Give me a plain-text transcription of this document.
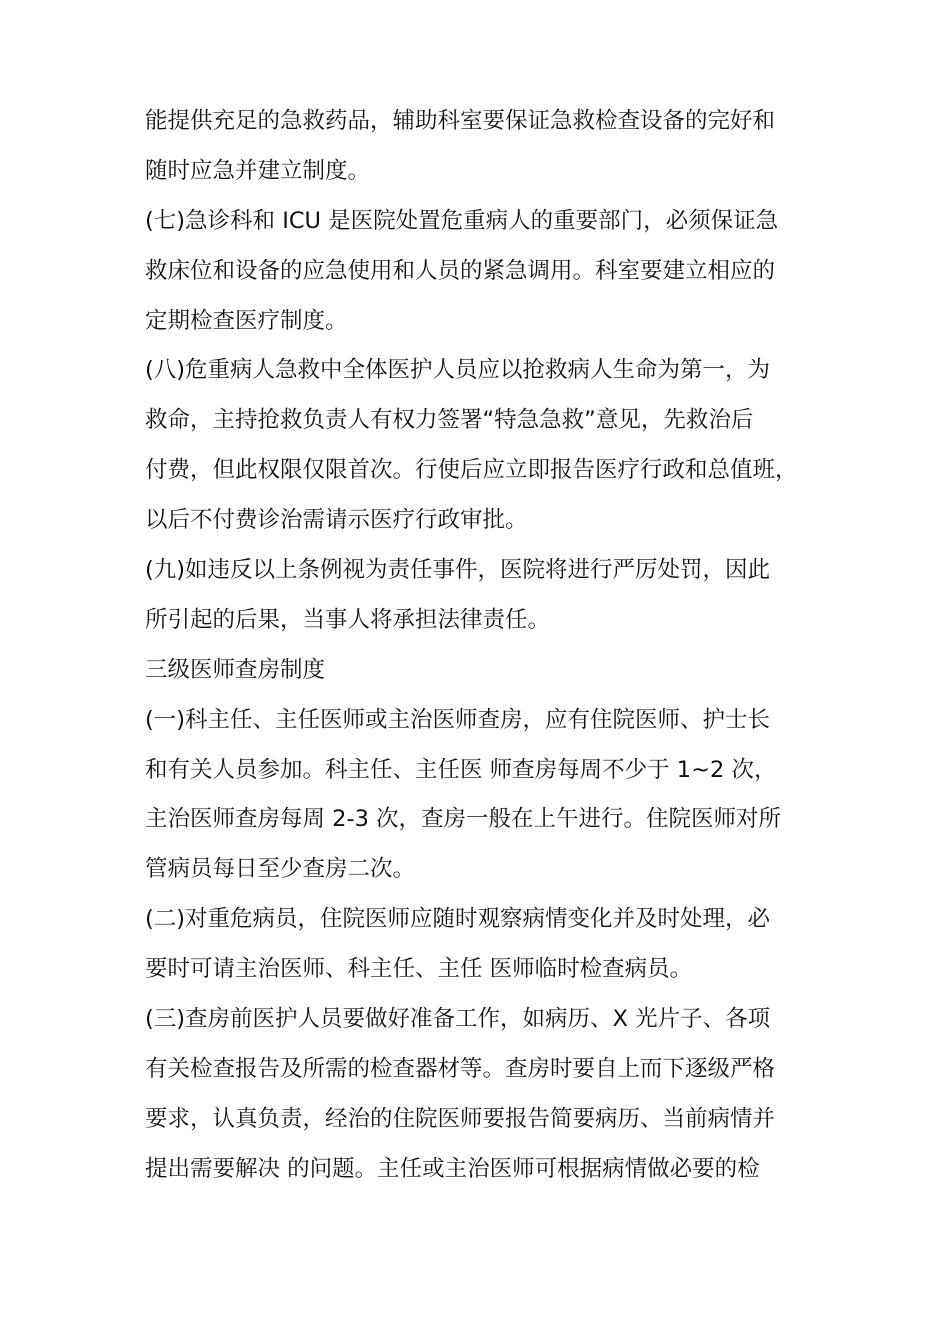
能提供充足的急救药品，辅助科室要保证急救检查设备的完好和
随时应急并建立制度。
(七)急诊科和 ICU 是医院处置危重病人的重要部门，必须保证急
救床位和设备的应急使用和人员的紧急调用。科室要建立相应的
定期检查医疗制度。
(八)危重病人急救中全体医护人员应以抢救病人生命为第一，为
救命，主持抢救负责人有权力签署“特急急救”意见，先救治后
付费，但此权限仅限首次。行使后应立即报告医疗行政和总值班，
以后不付费诊治需请示医疗行政审批。
(九)如违反以上条例视为责任事件，医院将进行严厉处罚，因此
所引起的后果，当事人将承担法律责任。
三级医师查房制度
(一)科主任、主任医师或主治医师查房，应有住院医师、护士长
和有关人员参加。科主任、主任医 师查房每周不少于 1~2 次，
主治医师查房每周 2-3 次，查房一般在上午进行。住院医师对所
管病员每日至少查房二次。
(二)对重危病员，住院医师应随时观察病情变化并及时处理，必
要时可请主治医师、科主任、主任 医师临时检查病员。
(三)查房前医护人员要做好准备工作，如病历、X 光片子、各项
有关检查报告及所需的检查器材等。查房时要自上而下逐级严格
要求，认真负责，经治的住院医师要报告简要病历、当前病情并
提出需要解决 的问题。主任或主治医师可根据病情做必要的检
